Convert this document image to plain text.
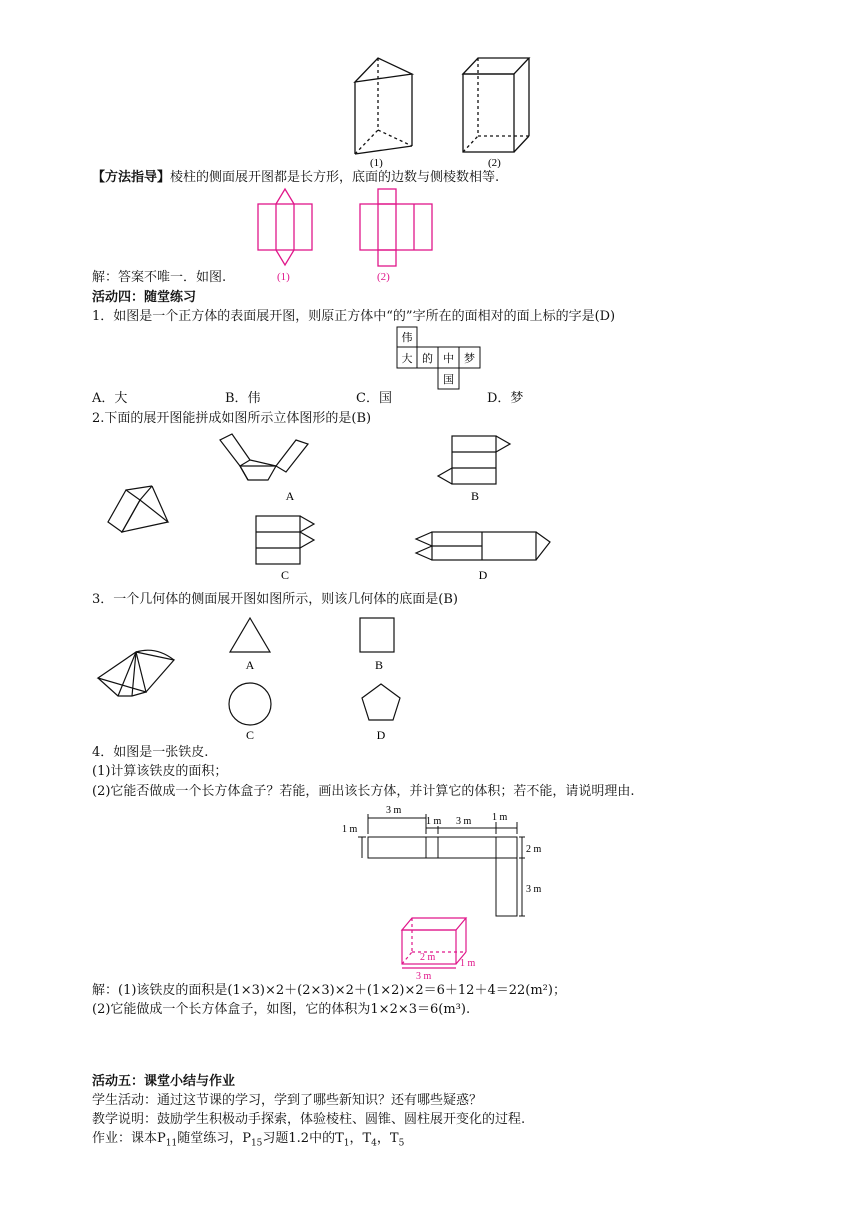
(1)	(2)
【方法指导】棱柱的侧面展开图都是长方形，底面的边数与侧棱数相等.
(1)	(2)
解：答案不唯一．如图.
活动四：随堂练习
1．如图是一个正方体的表面展开图，则原正方体中“的”字所在的面相对的面上标的字是(D)
伟
大 的 中 梦
国
A．大	B．伟	C．国	D．梦
2.下面的展开图能拼成如图所示立体图形的是(B)
A	B
C	D
3．一个几何体的侧面展开图如图所示，则该几何体的底面是(B)
A	B
C	D
4．如图是一张铁皮.
(1)计算该铁皮的面积；
(2)它能否做成一个长方体盒子？若能，画出该长方体，并计算它的体积；若不能，请说明理由.
3 m
1 m
1 m 3 m 1 m
2 m
3 m
2 m
1 m
3 m
解：(1)该铁皮的面积是(1×3)×2＋(2×3)×2＋(1×2)×2＝6＋12＋4＝22(m²)；
(2)它能做成一个长方体盒子，如图，它的体积为1×2×3＝6(m³).
活动五：课堂小结与作业
学生活动：通过这节课的学习，学到了哪些新知识？还有哪些疑惑？
教学说明：鼓励学生积极动手探索，体验棱柱、圆锥、圆柱展开变化的过程.
作业：课本$P_{11}$随堂练习，$P_{15}$习题1.2中的$T_1$，$T_4$，$T_5$
